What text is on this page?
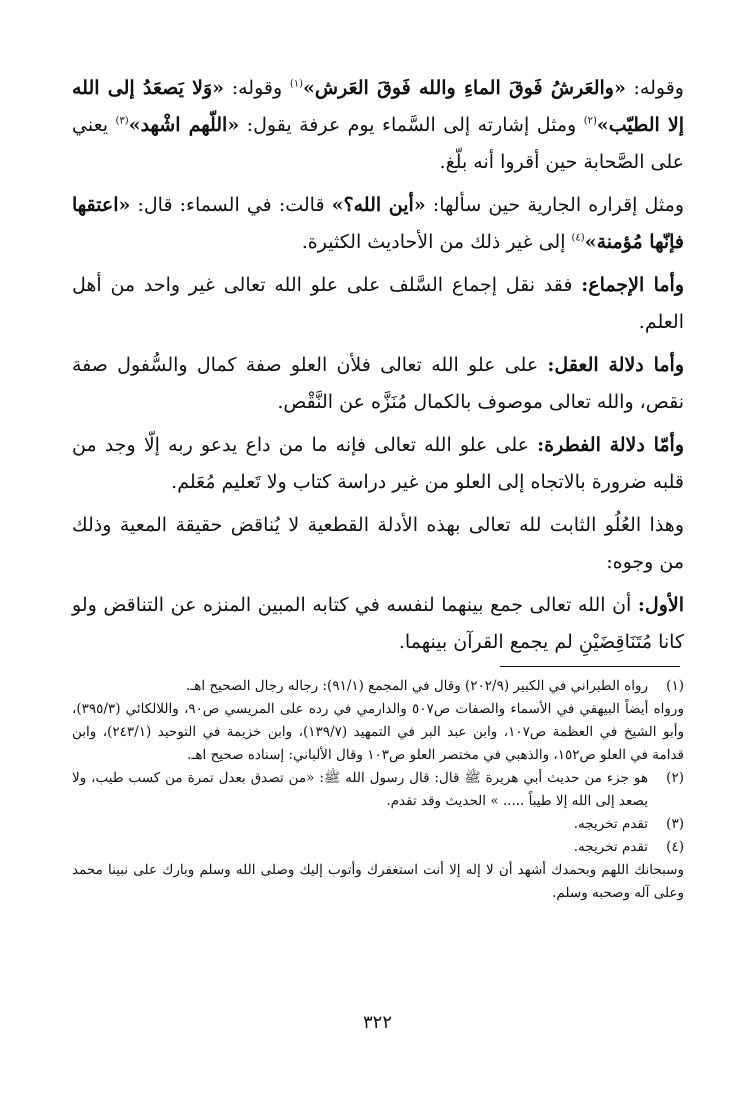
وقوله: «والعَرشُ فَوقَ الماءِ والله فَوقَ العَرش»$^{(١)}$ وقوله: «وَلا يَصعَدُ إلى الله إلا الطيّب»$^{(٢)}$ ومثل إشارته إلى السَّماء يوم عرفة يقول: «اللّهم اشْهد»$^{(٣)}$ يعني على الصَّحابة حين أقروا أنه بلّغ.

ومثل إقراره الجارية حين سألها: «أين الله؟» قالت: في السماء: قال: «اعتقها فإنّها مُؤمنة»$^{(٤)}$ إلى غير ذلك من الأحاديث الكثيرة.

وأما الإجماع: فقد نقل إجماع السَّلف على علو الله تعالى غير واحد من أهل العلم.

وأما دلالة العقل: على علو الله تعالى فلأن العلو صفة كمال والسُّفول صفة نقص، والله تعالى موصوف بالكمال مُنَزَّه عن النَّقْص.

وأمّا دلالة الفطرة: على علو الله تعالى فإنه ما من داع يدعو ربه إلّا وجد من قلبه ضرورة بالاتجاه إلى العلو من غير دراسة كتاب ولا تَعليم مُعَلم.

وهذا العُلُو الثابت لله تعالى بهذه الأدلة القطعية لا يُناقض حقيقة المعية وذلك من وجوه:

الأول: أن الله تعالى جمع بينهما لنفسه في كتابه المبين المنزه عن التناقض ولو كانا مُتَنَاقِضَيْنِ لم يجمع القرآن بينهما.

(١)
رواه الطبراني في الكبير (٢٠٢/٩) وقال في المجمع (٩١/١): رجاله رجال الصحيح اهـ.
ورواه أيضاً البيهقي في الأسماء والصفات ص٥٠٧ والدارمي في رده على المريسي ص٩٠، واللالكائي (٣٩٥/٣)، وأبو الشيخ في العظمة ص١٠٧، وابن عبد البر في التمهيد (١٣٩/٧)، وابن خزيمة في التوحيد (٢٤٣/١)، وابن قدامة في العلو ص١٥٢، والذهبي في مختصر العلو ص١٠٣ وقال الألباني: إسناده صحيح اهـ.
(٢)
هو جزء من حديث أبي هريرة ﷺ قال: قال رسول الله ﷺ: «من تصدق بعدل تمرة من كسب طيب، ولا يصعد إلى الله إلا طيباً ..... » الحديث وقد تقدم.
(٣)
تقدم تخريجه.
(٤)
تقدم تخريجه.
وسبحانك اللهم وبحمدك أشهد أن لا إله إلا أنت استغفرك وأتوب إليك وصلى الله وسلم وبارك على نبينا محمد وعلى آله وصحبه وسلم.
٣٢٢
